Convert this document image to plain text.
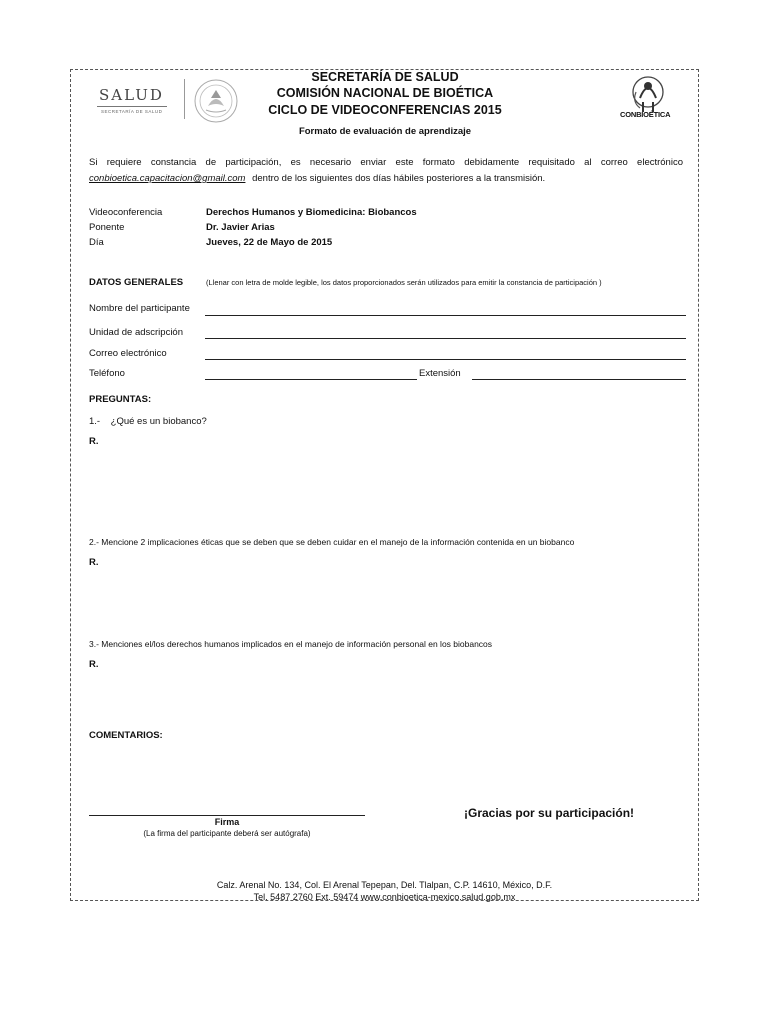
SALUD
SECRETARÍA DE SALUD	CONBIOÉTICA
SECRETARÍA DE SALUD
COMISIÓN NACIONAL DE BIOÉTICA
CICLO DE VIDEOCONFERENCIAS 2015
Formato de evaluación de aprendizaje
Si requiere constancia de participación, es necesario enviar este formato debidamente requisitado al correo electrónico
conbioetica.capacitacion@gmail.com dentro de los siguientes dos días hábiles posteriores a la transmisión.
Videoconferencia	Derechos Humanos y Biomedicina: Biobancos
Ponente	Dr. Javier Arias
Día	Jueves, 22 de Mayo de 2015
DATOS GENERALES	(Llenar con letra de molde legible, los datos proporcionados serán utilizados para emitir la constancia de participación )
Nombre del participante
Unidad de adscripción
Correo electrónico
Teléfono	Extensión
PREGUNTAS:
1.-    ¿Qué es un biobanco?
R.
2.- Mencione 2 implicaciones éticas que se deben que se deben cuidar en el manejo de la información contenida en un biobanco
R.
3.- Menciones el/los derechos humanos implicados en el manejo de información personal en los biobancos
R.
COMENTARIOS:
Firma
(La firma del participante deberá ser autógrafa)
¡Gracias por su participación!
Calz. Arenal No. 134, Col. El Arenal Tepepan, Del. Tlalpan, C.P. 14610, México, D.F.
Tel. 5487 2760 Ext. 59474 www.conbioetica-mexico.salud.gob.mx
